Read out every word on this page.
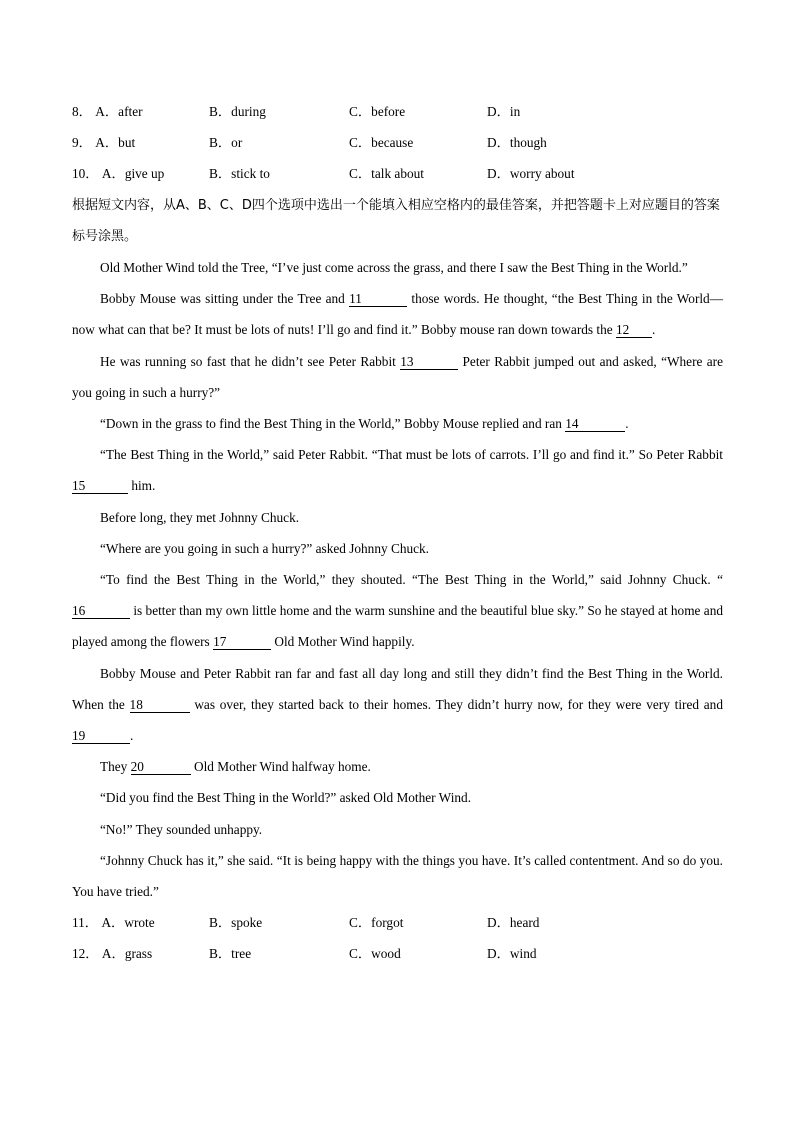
8． A．after	B．during	C．before	D．in
9． A．but	B．or	C．because	D．though
10． A．give up	B．stick to	C．talk about	D．worry about
根据短文内容，从A、B、C、D四个选项中选出一个能填入相应空格内的最佳答案，并把答题卡上对应题目的答案标号涂黑。

Old Mother Wind told the Tree, “I’ve just come across the grass, and there I saw the Best Thing in the World.”

Bobby Mouse was sitting under the Tree and 11	those words. He thought, “the Best Thing in the World—now what can that be? It must be lots of nuts! I’ll go and find it.” Bobby mouse ran down towards the 12 .

He was running so fast that he didn’t see Peter Rabbit 13	Peter Rabbit jumped out and asked, “Where are you going in such a hurry?”

“Down in the grass to find the Best Thing in the World,” Bobby Mouse replied and ran 14	.

“The Best Thing in the World,” said Peter Rabbit. “That must be lots of carrots. I’ll go and find it.” So Peter Rabbit 15	him.

Before long, they met Johnny Chuck.

“Where are you going in such a hurry?” asked Johnny Chuck.

“To find the Best Thing in the World,” they shouted. “The Best Thing in the World,” said Johnny Chuck. “16	is better than my own little home and the warm sunshine and the beautiful blue sky.” So he stayed at home and played among the flowers 17	Old Mother Wind happily.

Bobby Mouse and Peter Rabbit ran far and fast all day long and still they didn’t find the Best Thing in the World. When the 18	was over, they started back to their homes. They didn’t hurry now, for they were very tired and 19	.

They 20	Old Mother Wind halfway home.

“Did you find the Best Thing in the World?” asked Old Mother Wind.

“No!” They sounded unhappy.

“Johnny Chuck has it,” she said. “It is being happy with the things you have. It’s called contentment. And so do you. You have tried.”

11． A．wrote	B．spoke	C．forgot	D．heard
12． A．grass	B．tree	C．wood	D．wind
